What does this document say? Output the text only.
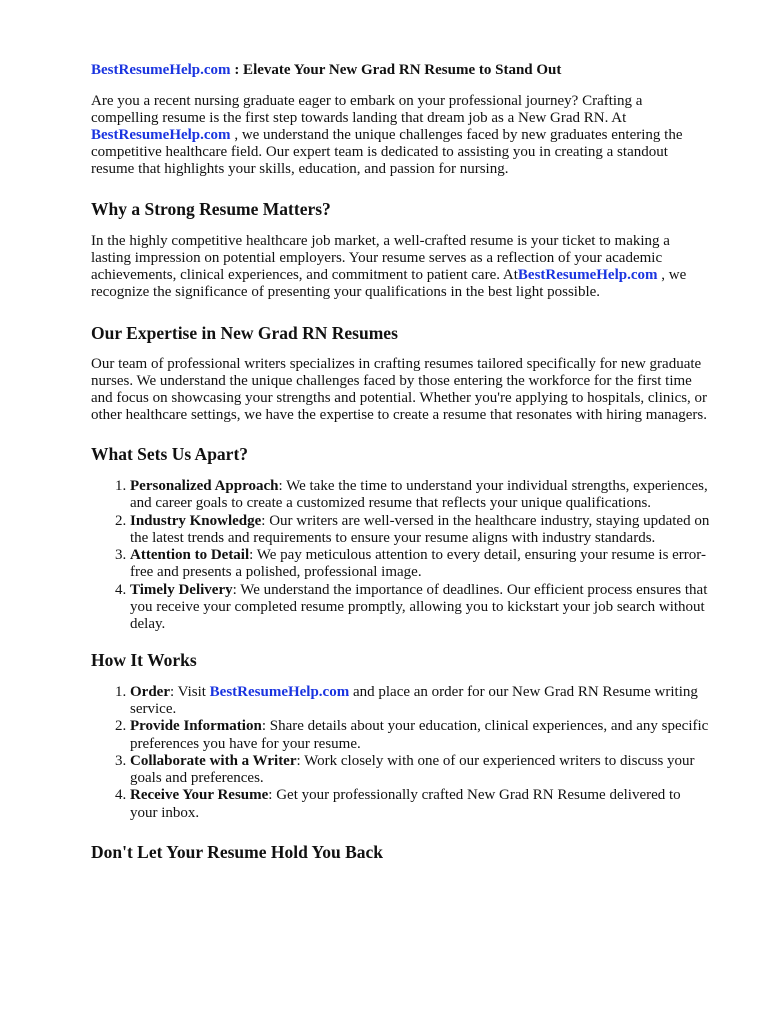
BestResumeHelp.com : Elevate Your New Grad RN Resume to Stand Out

Are you a recent nursing graduate eager to embark on your professional journey? Crafting a compelling resume is the first step towards landing that dream job as a New Grad RN. At BestResumeHelp.com , we understand the unique challenges faced by new graduates entering the competitive healthcare field. Our expert team is dedicated to assisting you in creating a standout resume that highlights your skills, education, and passion for nursing.

Why a Strong Resume Matters?

In the highly competitive healthcare job market, a well-crafted resume is your ticket to making a lasting impression on potential employers. Your resume serves as a reflection of your academic achievements, clinical experiences, and commitment to patient care. AtBestResumeHelp.com , we recognize the significance of presenting your qualifications in the best light possible.

Our Expertise in New Grad RN Resumes

Our team of professional writers specializes in crafting resumes tailored specifically for new graduate nurses. We understand the unique challenges faced by those entering the workforce for the first time and focus on showcasing your strengths and potential. Whether you're applying to hospitals, clinics, or other healthcare settings, we have the expertise to create a resume that resonates with hiring managers.

What Sets Us Apart?
1. Personalized Approach: We take the time to understand your individual strengths, experiences, and career goals to create a customized resume that reflects your unique qualifications.
2. Industry Knowledge: Our writers are well-versed in the healthcare industry, staying updated on the latest trends and requirements to ensure your resume aligns with industry standards.
3. Attention to Detail: We pay meticulous attention to every detail, ensuring your resume is error-free and presents a polished, professional image.
4. Timely Delivery: We understand the importance of deadlines. Our efficient process ensures that you receive your completed resume promptly, allowing you to kickstart your job search without delay.
How It Works
1. Order: Visit BestResumeHelp.com and place an order for our New Grad RN Resume writing service.
2. Provide Information: Share details about your education, clinical experiences, and any specific preferences you have for your resume.
3. Collaborate with a Writer: Work closely with one of our experienced writers to discuss your goals and preferences.
4. Receive Your Resume: Get your professionally crafted New Grad RN Resume delivered to your inbox.
Don't Let Your Resume Hold You Back
